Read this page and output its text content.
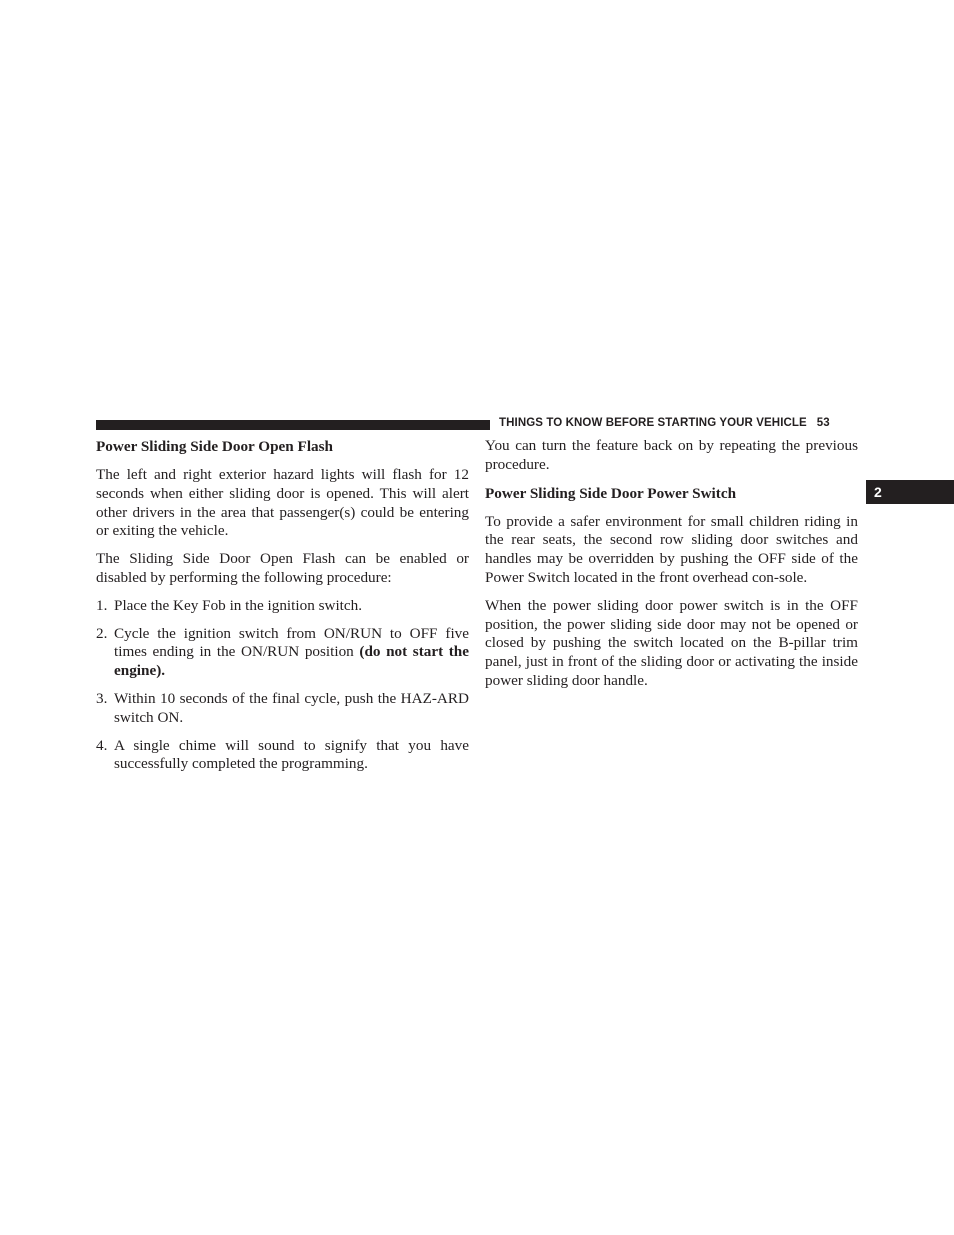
THINGS TO KNOW BEFORE STARTING YOUR VEHICLE 53
2
Power Sliding Side Door Open Flash

The left and right exterior hazard lights will flash for 12 seconds when either sliding door is opened. This will alert other drivers in the area that passenger(s) could be entering or exiting the vehicle.

The Sliding Side Door Open Flash can be enabled or disabled by performing the following procedure:

1. Place the Key Fob in the ignition switch.
2. Cycle the ignition switch from ON/RUN to OFF five times ending in the ON/RUN position (do not start the engine).
3. Within 10 seconds of the final cycle, push the HAZ-ARD switch ON.
4. A single chime will sound to signify that you have successfully completed the programming.

You can turn the feature back on by repeating the previous procedure.

Power Sliding Side Door Power Switch

To provide a safer environment for small children riding in the rear seats, the second row sliding door switches and handles may be overridden by pushing the OFF side of the Power Switch located in the front overhead con-sole.

When the power sliding door power switch is in the OFF position, the power sliding side door may not be opened or closed by pushing the switch located on the B-pillar trim panel, just in front of the sliding door or activating the inside power sliding door handle.
